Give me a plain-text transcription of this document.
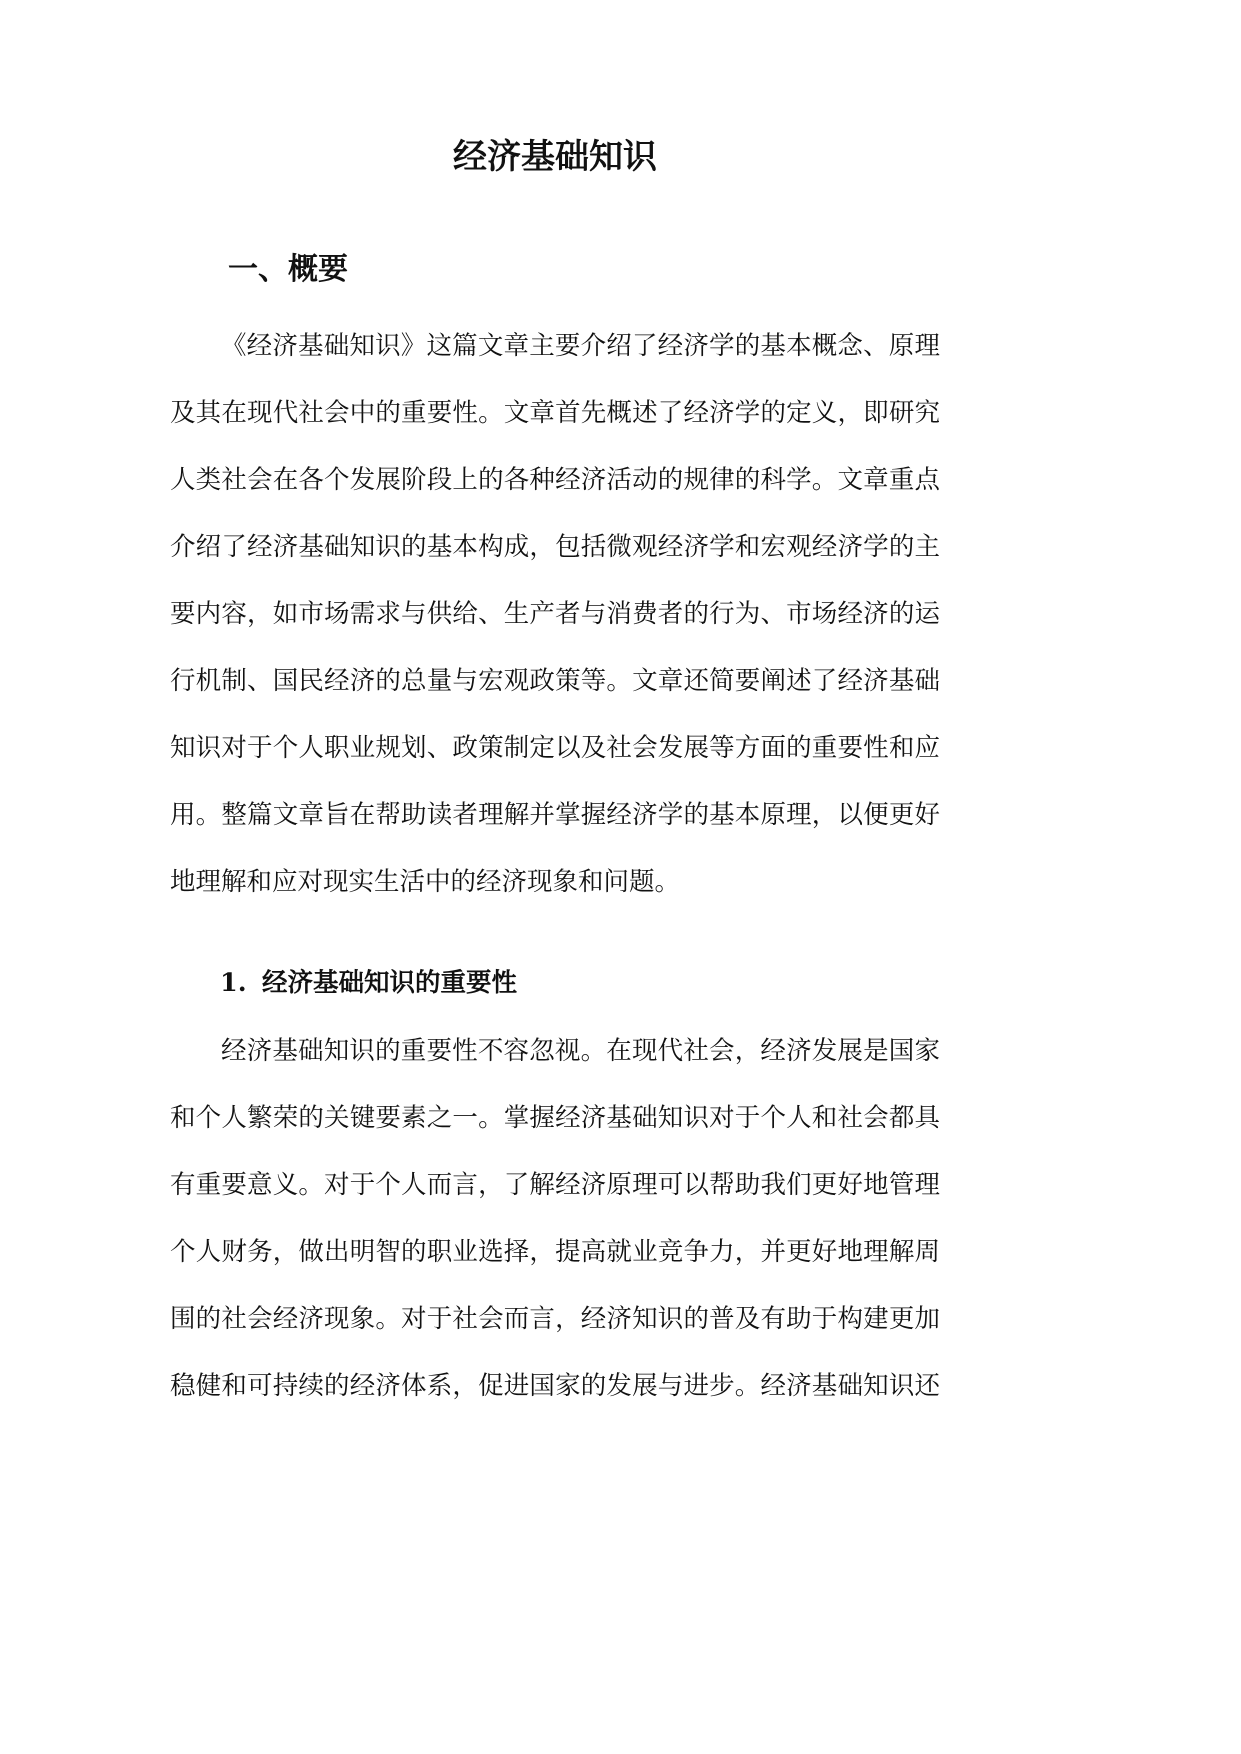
经济基础知识
一、概要
《经济基础知识》这篇文章主要介绍了经济学的基本概念、原理
及其在现代社会中的重要性。文章首先概述了经济学的定义，即研究
人类社会在各个发展阶段上的各种经济活动的规律的科学。文章重点
介绍了经济基础知识的基本构成，包括微观经济学和宏观经济学的主
要内容，如市场需求与供给、生产者与消费者的行为、市场经济的运
行机制、国民经济的总量与宏观政策等。文章还简要阐述了经济基础
知识对于个人职业规划、政策制定以及社会发展等方面的重要性和应
用。整篇文章旨在帮助读者理解并掌握经济学的基本原理，以便更好
地理解和应对现实生活中的经济现象和问题。
1. 经济基础知识的重要性
经济基础知识的重要性不容忽视。在现代社会，经济发展是国家
和个人繁荣的关键要素之一。掌握经济基础知识对于个人和社会都具
有重要意义。对于个人而言，了解经济原理可以帮助我们更好地管理
个人财务，做出明智的职业选择，提高就业竞争力，并更好地理解周
围的社会经济现象。对于社会而言，经济知识的普及有助于构建更加
稳健和可持续的经济体系，促进国家的发展与进步。经济基础知识还
